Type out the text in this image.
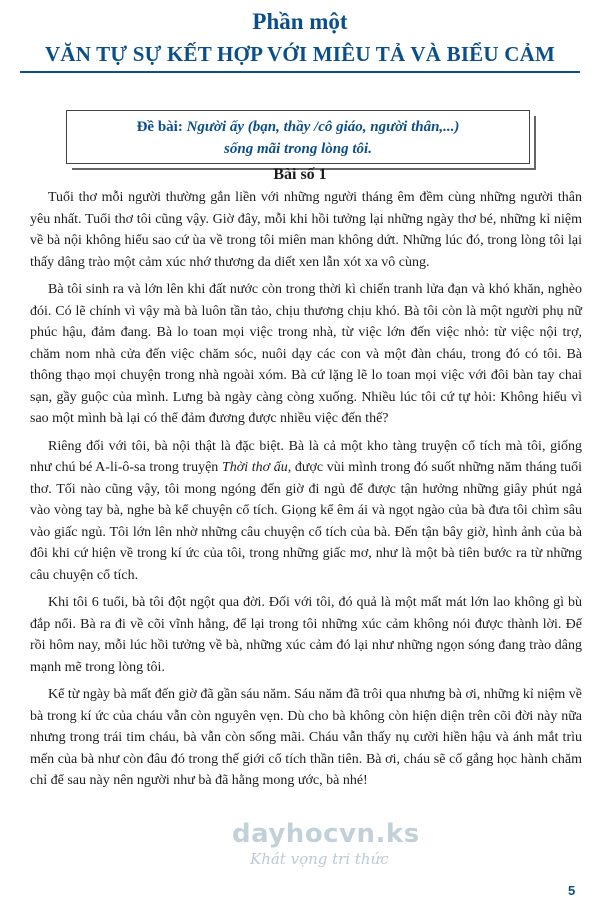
Phần một
VĂN TỰ SỰ KẾT HỢP VỚI MIÊU TẢ VÀ BIỂU CẢM
Đề bài: Người ấy (bạn, thầy /cô giáo, người thân,...)
sống mãi trong lòng tôi.
Bài số 1

Tuổi thơ mỗi người thường gắn liền với những người tháng êm đềm cùng những người thân yêu nhất. Tuổi thơ tôi cũng vậy. Giờ đây, mỗi khi hồi tưởng lại những ngày thơ bé, những kỉ niệm về bà nội không hiểu sao cứ ùa về trong tôi miên man không dứt. Những lúc đó, trong lòng tôi lại thấy dâng trào một cảm xúc nhớ thương da diết xen lẫn xót xa vô cùng.

Bà tôi sinh ra và lớn lên khi đất nước còn trong thời kì chiến tranh lửa đạn và khó khăn, nghèo đói. Có lẽ chính vì vậy mà bà luôn tần tảo, chịu thương chịu khó. Bà tôi còn là một người phụ nữ phúc hậu, đảm đang. Bà lo toan mọi việc trong nhà, từ việc lớn đến việc nhỏ: từ việc nội trợ, chăm nom nhà cửa đến việc chăm sóc, nuôi dạy các con và một đàn cháu, trong đó có tôi. Bà thông thạo mọi chuyện trong nhà ngoài xóm. Bà cứ lặng lẽ lo toan mọi việc với đôi bàn tay chai sạn, gầy guộc của mình. Lưng bà ngày càng còng xuống. Nhiều lúc tôi cứ tự hỏi: Không hiểu vì sao một mình bà lại có thể đảm đương được nhiều việc đến thế?

Riêng đối với tôi, bà nội thật là đặc biệt. Bà là cả một kho tàng truyện cổ tích mà tôi, giống như chú bé A-li-ô-sa trong truyện Thời thơ ấu, được vùi mình trong đó suốt những năm tháng tuổi thơ. Tối nào cũng vậy, tôi mong ngóng đến giờ đi ngủ để được tận hưởng những giây phút ngả vào vòng tay bà, nghe bà kể chuyện cổ tích. Giọng kể êm ái và ngọt ngào của bà đưa tôi chìm sâu vào giấc ngủ. Tôi lớn lên nhờ những câu chuyện cổ tích của bà. Đến tận bây giờ, hình ảnh của bà đôi khi cứ hiện về trong kí ức của tôi, trong những giấc mơ, như là một bà tiên bước ra từ những câu chuyện cổ tích.

Khi tôi 6 tuổi, bà tôi đột ngột qua đời. Đối với tôi, đó quả là một mất mát lớn lao không gì bù đắp nổi. Bà ra đi về cõi vĩnh hằng, để lại trong tôi những xúc cảm không nói được thành lời. Để rồi hôm nay, mỗi lúc hồi tưởng về bà, những xúc cảm đó lại như những ngọn sóng đang trào dâng mạnh mẽ trong lòng tôi.

Kể từ ngày bà mất đến giờ đã gần sáu năm. Sáu năm đã trôi qua nhưng bà ơi, những kỉ niệm về bà trong kí ức của cháu vẫn còn nguyên vẹn. Dù cho bà không còn hiện diện trên cõi đời này nữa nhưng trong trái tim cháu, bà vẫn còn sống mãi. Cháu vẫn thấy nụ cười hiền hậu và ánh mắt trìu mến của bà như còn đâu đó trong thế giới cổ tích thần tiên. Bà ơi, cháu sẽ cố gắng học hành chăm chỉ để sau này nên người như bà đã hằng mong ước, bà nhé!

dayhocvn.ks
Khát vọng tri thức
5
